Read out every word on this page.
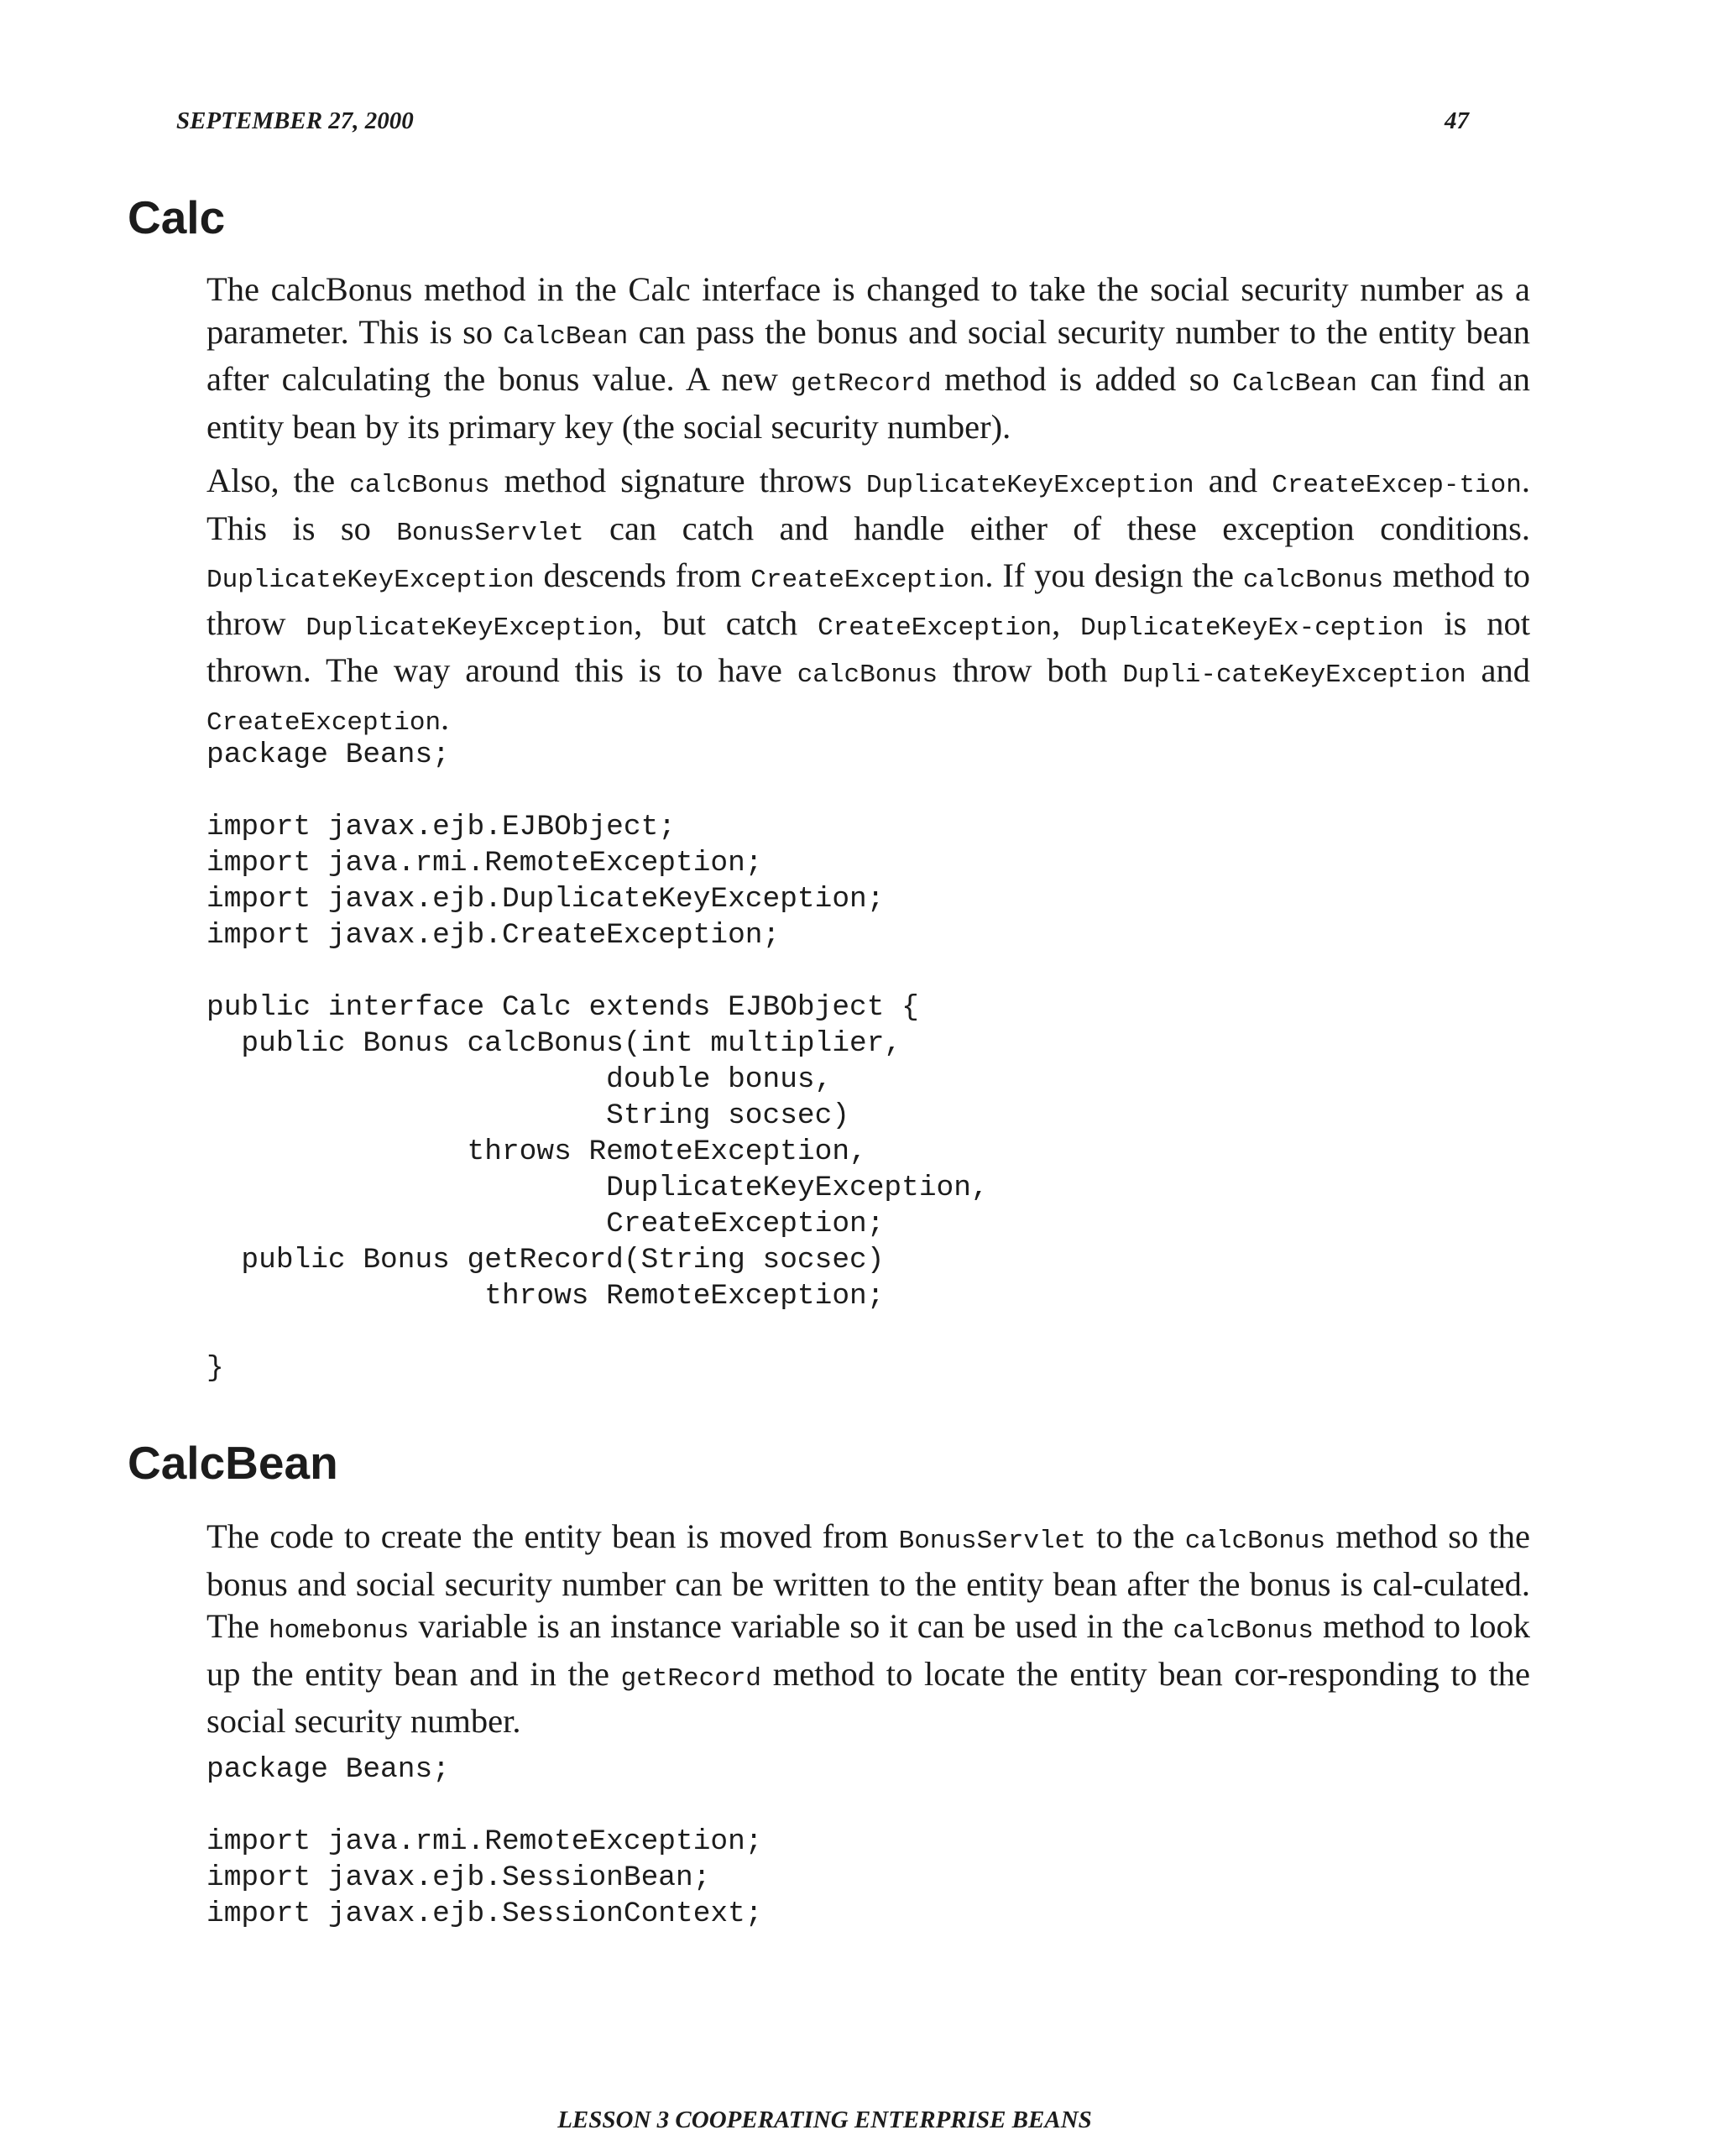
SEPTEMBER 27, 2000	47
Calc

The calcBonus method in the Calc interface is changed to take the social security number as a parameter. This is so CalcBean can pass the bonus and social security number to the entity bean after calculating the bonus value. A new getRecord method is added so CalcBean can find an entity bean by its primary key (the social security number).

Also, the calcBonus method signature throws DuplicateKeyException and CreateExcep-tion. This is so BonusServlet can catch and handle either of these exception conditions. DuplicateKeyException descends from CreateException. If you design the calcBonus method to throw DuplicateKeyException, but catch CreateException, DuplicateKeyEx-ception is not thrown. The way around this is to have calcBonus throw both Dupli-cateKeyException and CreateException.

package Beans;

import javax.ejb.EJBObject;
import java.rmi.RemoteException;
import javax.ejb.DuplicateKeyException;
import javax.ejb.CreateException;

public interface Calc extends EJBObject {
public Bonus calcBonus(int multiplier,
double bonus,
String socsec)
throws RemoteException,
DuplicateKeyException,
CreateException;
public Bonus getRecord(String socsec)
throws RemoteException;

}
CalcBean

The code to create the entity bean is moved from BonusServlet to the calcBonus method so the bonus and social security number can be written to the entity bean after the bonus is cal-culated. The homebonus variable is an instance variable so it can be used in the calcBonus method to look up the entity bean and in the getRecord method to locate the entity bean cor-responding to the social security number.

package Beans;

import java.rmi.RemoteException;
import javax.ejb.SessionBean;
import javax.ejb.SessionContext;
LESSON 3 COOPERATING ENTERPRISE BEANS
